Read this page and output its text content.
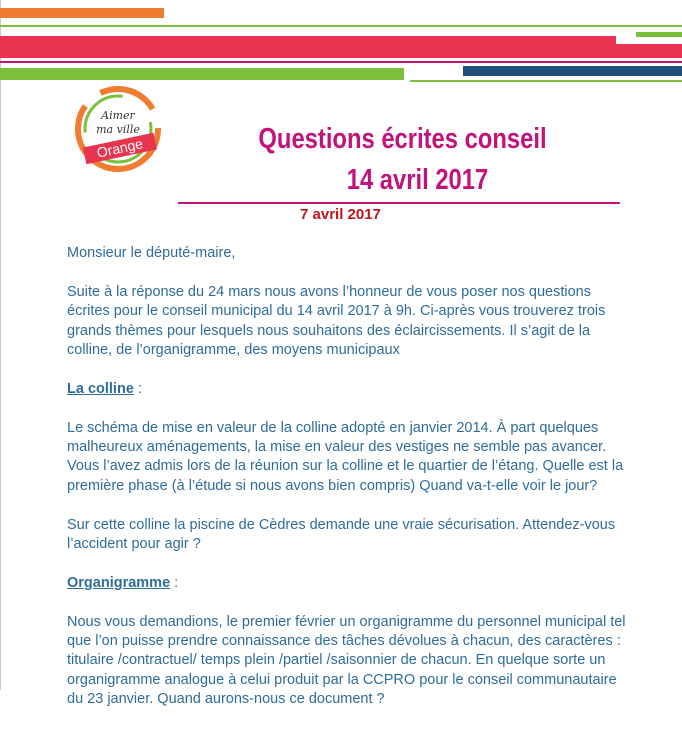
Aimer
ma ville
Orange	Questions écrites conseil
14 avril 2017
7 avril 2017

Monsieur le député-maire,

Suite à la réponse du 24 mars nous avons l’honneur de vous poser nos questions écrites pour le conseil municipal du 14 avril 2017 à 9h. Ci-après vous trouverez trois grands thèmes pour lesquels nous souhaitons des éclaircissements. Il s’agit de la colline, de l’organigramme, des moyens municipaux

La colline :

Le schéma de mise en valeur de la colline adopté en janvier 2014. À part quelques malheureux aménagements, la mise en valeur des vestiges ne semble pas avancer. Vous l’avez admis lors de la réunion sur la colline et le quartier de l’étang. Quelle est la première phase (à l’étude si nous avons bien compris) Quand va-t-elle voir le jour?

Sur cette colline la piscine de Cèdres demande une vraie sécurisation. Attendez-vous l’accident pour agir ?

Organigramme :

Nous vous demandions, le premier février un organigramme du personnel municipal tel que l’on puisse prendre connaissance des tâches dévolues à chacun, des caractères : titulaire /contractuel/ temps plein /partiel /saisonnier de chacun. En quelque sorte un organigramme analogue à celui produit par la CCPRO pour le conseil communautaire du 23 janvier. Quand aurons-nous ce document ?
